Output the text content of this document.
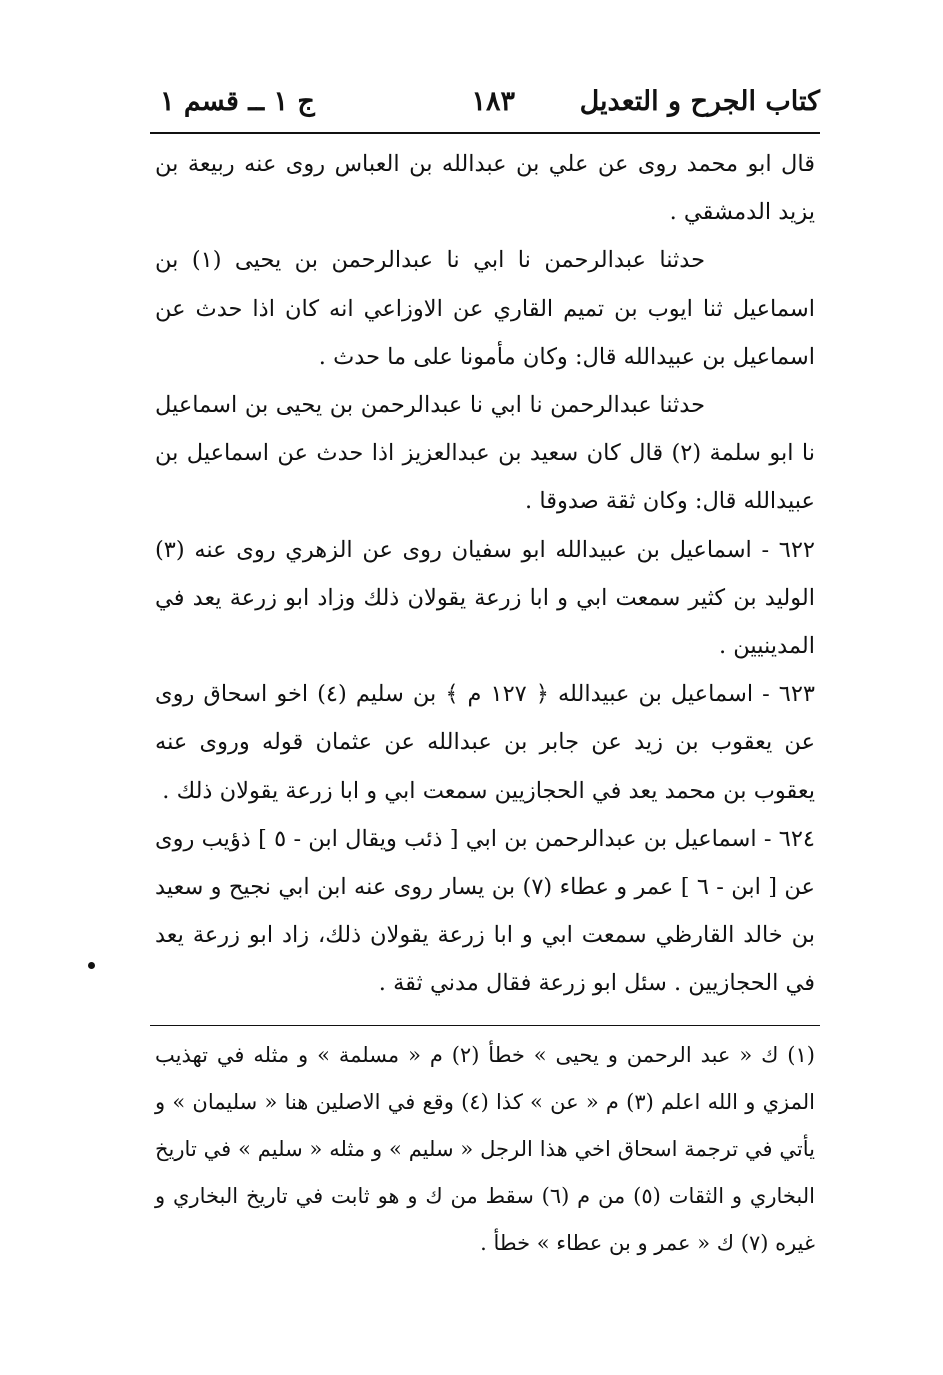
كتاب الجرح و التعديل
١٨٣
ج ١ ــ قسم ١

قال ابو محمد روى عن علي بن عبدالله بن العباس روى عنه ربيعة بن يزيد الدمشقي .

حدثنا عبدالرحمن نا ابي نا عبدالرحمن بن يحيى (١) بن اسماعيل ثنا ايوب بن تميم القاري عن الاوزاعي انه كان اذا حدث عن اسماعيل بن عبيدالله قال: وكان مأمونا على ما حدث .

حدثنا عبدالرحمن نا ابي نا عبدالرحمن بن يحيى بن اسماعيل نا ابو سلمة (٢) قال كان سعيد بن عبدالعزيز اذا حدث عن اسماعيل بن عبيدالله قال: وكان ثقة صدوقا .

٦٢٢ - اسماعيل بن عبيدالله ابو سفيان روى عن الزهري روى عنه (٣) الوليد بن كثير سمعت ابي و ابا زرعة يقولان ذلك وزاد ابو زرعة يعد في المدينيين .

٦٢٣ - اسماعيل بن عبيدالله ﴿ ١٢٧ م ﴾ بن سليم (٤) اخو اسحاق روى عن يعقوب بن زيد عن جابر بن عبدالله عن عثمان قوله وروى عنه يعقوب بن محمد يعد في الحجازيين سمعت ابي و ابا زرعة يقولان ذلك .

٦٢٤ - اسماعيل بن عبدالرحمن بن ابي [ ذئب ويقال ابن - ٥ ] ذؤيب روى عن [ ابن - ٦ ] عمر و عطاء (٧) بن يسار روى عنه ابن ابي نجيح و سعيد بن خالد القارظي سمعت ابي و ابا زرعة يقولان ذلك، زاد ابو زرعة يعد في الحجازيين . سئل ابو زرعة فقال مدني ثقة .

(١) ك « عبد الرحمن و يحيى » خطأ (٢) م « مسلمة » و مثله في تهذيب المزي و الله اعلم (٣) م « عن » كذا (٤) وقع في الاصلين هنا « سليمان » و يأتي في ترجمة اسحاق اخي هذا الرجل « سليم » و مثله « سليم » في تاريخ البخاري و الثقات (٥) من م (٦) سقط من ك و هو ثابت في تاريخ البخاري و غيره (٧) ك « عمر و بن عطاء » خطأ .
